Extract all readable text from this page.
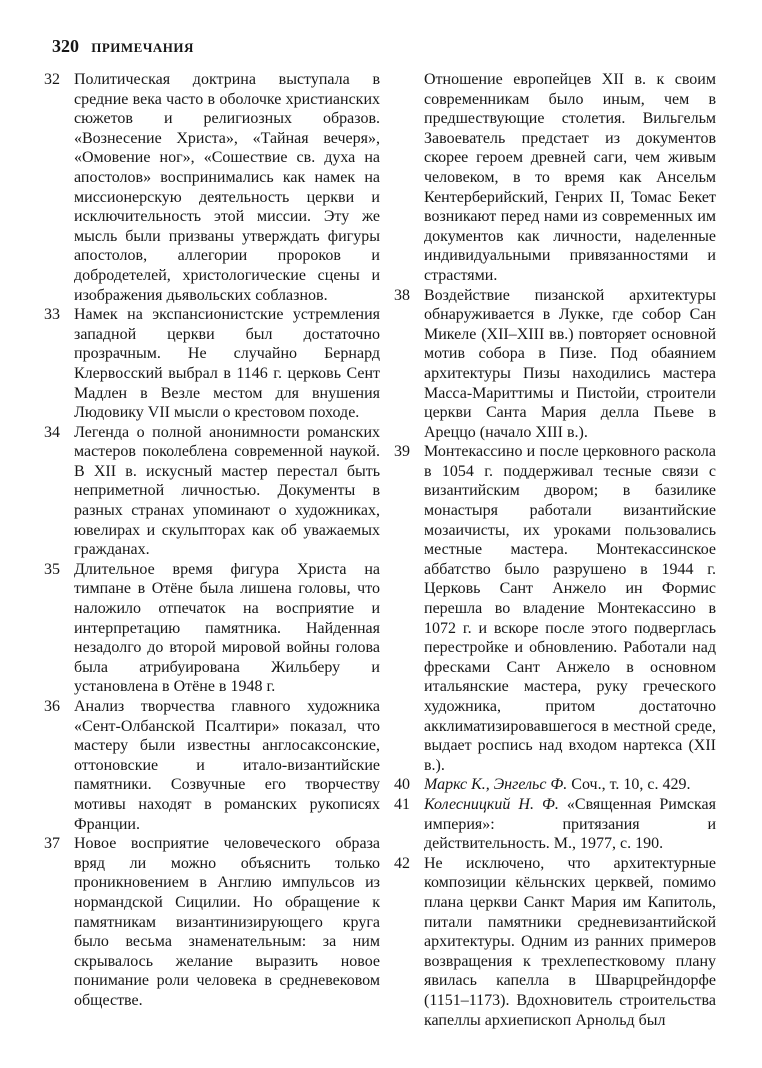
320 ПРИМЕЧАНИЯ
32 Политическая доктрина выступала в средние века часто в оболочке христианских сюжетов и религиозных образов. «Вознесение Христа», «Тайная вечеря», «Омовение ног», «Сошествие св. духа на апостолов» воспринимались как намек на миссионерскую деятельность церкви и исключительность этой миссии. Эту же мысль были призваны утверждать фигуры апостолов, аллегории пророков и добродетелей, христологические сцены и изображения дьявольских соблазнов.
33 Намек на экспансионистские устремления западной церкви был достаточно прозрачным. Не случайно Бернард Клервосский выбрал в 1146 г. церковь Сент Мадлен в Везле местом для внушения Людовику VII мысли о крестовом походе.
34 Легенда о полной анонимности романских мастеров поколеблена современной наукой. В XII в. искусный мастер перестал быть неприметной личностью. Документы в разных странах упоминают о художниках, ювелирах и скульпторах как об уважаемых гражданах.
35 Длительное время фигура Христа на тимпане в Отёне была лишена головы, что наложило отпечаток на восприятие и интерпретацию памятника. Найденная незадолго до второй мировой войны голова была атрибуирована Жильберу и установлена в Отёне в 1948 г.
36 Анализ творчества главного художника «Сент-Олбанской Псалтири» показал, что мастеру были известны англосаксонские, оттоновские и итало-византийские памятники. Созвучные его творчеству мотивы находят в романских рукописях Франции.
37 Новое восприятие человеческого образа вряд ли можно объяснить только проникновением в Англию импульсов из нормандской Сицилии. Но обращение к памятникам византинизирующего круга было весьма знаменательным: за ним скрывалось желание выразить новое понимание роли человека в средневековом обществе.
Отношение европейцев XII в. к своим современникам было иным, чем в предшествующие столетия. Вильгельм Завоеватель предстает из документов скорее героем древней саги, чем живым человеком, в то время как Ансельм Кентерберийский, Генрих II, Томас Бекет возникают перед нами из современных им документов как личности, наделенные индивидуальными привязанностями и страстями.
38 Воздействие пизанской архитектуры обнаруживается в Лукке, где собор Сан Микеле (XII–XIII вв.) повторяет основной мотив собора в Пизе. Под обаянием архитектуры Пизы находились мастера Масса-Мариттимы и Пистойи, строители церкви Санта Мария делла Пьеве в Ареццо (начало XIII в.).
39 Монтекассино и после церковного раскола в 1054 г. поддерживал тесные связи с византийским двором; в базилике монастыря работали византийские мозаичисты, их уроками пользовались местные мастера. Монтекассинское аббатство было разрушено в 1944 г. Церковь Сант Анжело ин Формис перешла во владение Монтекассино в 1072 г. и вскоре после этого подверглась перестройке и обновлению. Работали над фресками Сант Анжело в основном итальянские мастера, руку греческого художника, притом достаточно акклиматизировавшегося в местной среде, выдает роспись над входом нартекса (XII в.).
40 Маркс К., Энгельс Ф. Соч., т. 10, с. 429.
41 Колесницкий Н. Ф. «Священная Римская империя»: притязания и действительность. М., 1977, с. 190.
42 Не исключено, что архитектурные композиции кёльнских церквей, помимо плана церкви Санкт Мария им Капитоль, питали памятники средневизантийской архитектуры. Одним из ранних примеров возвращения к трехлепестковому плану явилась капелла в Шварцрейндорфе (1151–1173). Вдохновитель строительства капеллы архиепископ Арнольд был
